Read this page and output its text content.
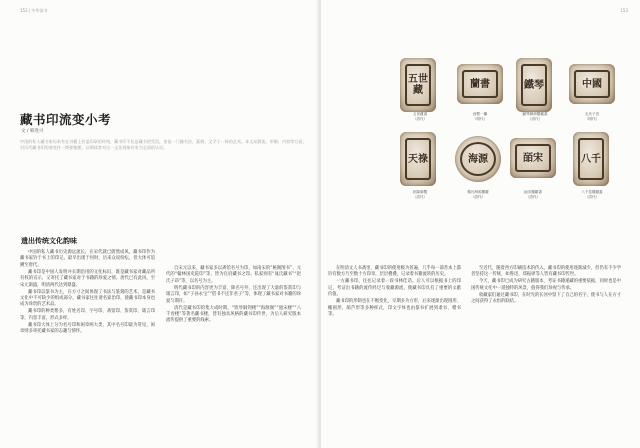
152 | 中华读书
藏书印流变小考
文 / 韩进兴
中国的私人藏书家历来有在书籍上钤盖印章的传统，藏书印不仅是藏书的凭信，更是一门融书法、篆刻、文学于一体的艺术。本文从源流、形制、内容等方面，对历代藏书印的演变作一简要梳理，以期读者对这一文化现象有更为全面的认识。
遗出传统文化韵味

中国的私人藏书历史源远流长，在宋代就已蔚然成风。藏书印作为藏书家钤于书上的印记，最早出现于何时，历来众说纷纭，但大体可追溯至唐代。

藏书印是中国人发明并长期沿用的文化标识，既是藏书家对藏品所有权的宣示，又寄托了藏书家对于书籍的珍爱之情。唐代已有此风，至宋元渐盛，明清两代达到鼎盛。

藏书印以篆书为主，在方寸之间体现了书法与篆刻的艺术，是藏书文化中不可缺少的组成部分。藏书家往往请名家治印，使藏书印本身也成为珍贵的艺术品。

藏书印的种类繁多，有姓名印、字号印、斋馆印、鉴赏印、箴言印等，内容丰富，形式多样。

藏书印大体上分为名号印和闲章两大类，其中名号印最为常见，闲章则多寄托藏书家的志趣与情怀。

自宋元以来，藏书家多以斋馆名号为印，如南宋的“秘阁图书”，元代的“翰林国史院印”等，皆为官府藏书之印。私家则有“晁氏藏书”“赵氏子昂”等，以名号为主。

明代藏书印的内容更为丰富，除名号外，还出现了大量的鉴赏印与箴言印，如“子孙永宝”“借书不还非君子”等，体现了藏书家对书籍的珍爱与期许。

清代是藏书印的集大成时期，“铁琴铜剑楼”“海源阁”“皕宋楼”“八千卷楼”等著名藏书楼，皆有独具风格的藏书印传世，为后人研究版本流传提供了重要的线索。

153
五世藏
五世藏書
（清代）
蘭書
西蜀一蘭
（明代）
鐵琴
鐵琴銅劍樓藏書
（清代）
中國
毛氏子晉
（明代）
天祿
乾隆御覽
（清代）
海源
楊氏海源閣藏
（清代）
皕宋
皕宋樓藏書
（清代）
八千
八千卷樓藏書
（清代）

在明清文人书斋里，藏书印的使用极为普遍，几乎每一部善本上都钤有数方乃至数十方印章，层层叠叠，记录着书籍流转的历史。

一方藏书印，往往记录着一段书林佳话。后人可以根据书上的印记，考证出书籍的流传经过与收藏源流，使藏书印具有了重要的文献价值。

藏书印的形制也在不断变化，早期多为方形，后来逐渐出现圆形、椭圆形、葫芦形等多种样式，印文字体也由篆书扩展到隶书、楷书等。

至近代，随着西方印刷技术的传入，藏书印的使用逐渐减少，但仍有不少学者坚持这一传统，如鲁迅、郑振铎等人皆有藏书印传世。

今天，藏书印已成为研究古籍版本、考证书籍递藏的重要依据，同时也是中国传统文化中一道独特的风景，值得我们珍视与传承。

收藏家们通过藏书印，在时光的长河中留下了自己的名字，使书与人在方寸之间获得了永恒的联结。
